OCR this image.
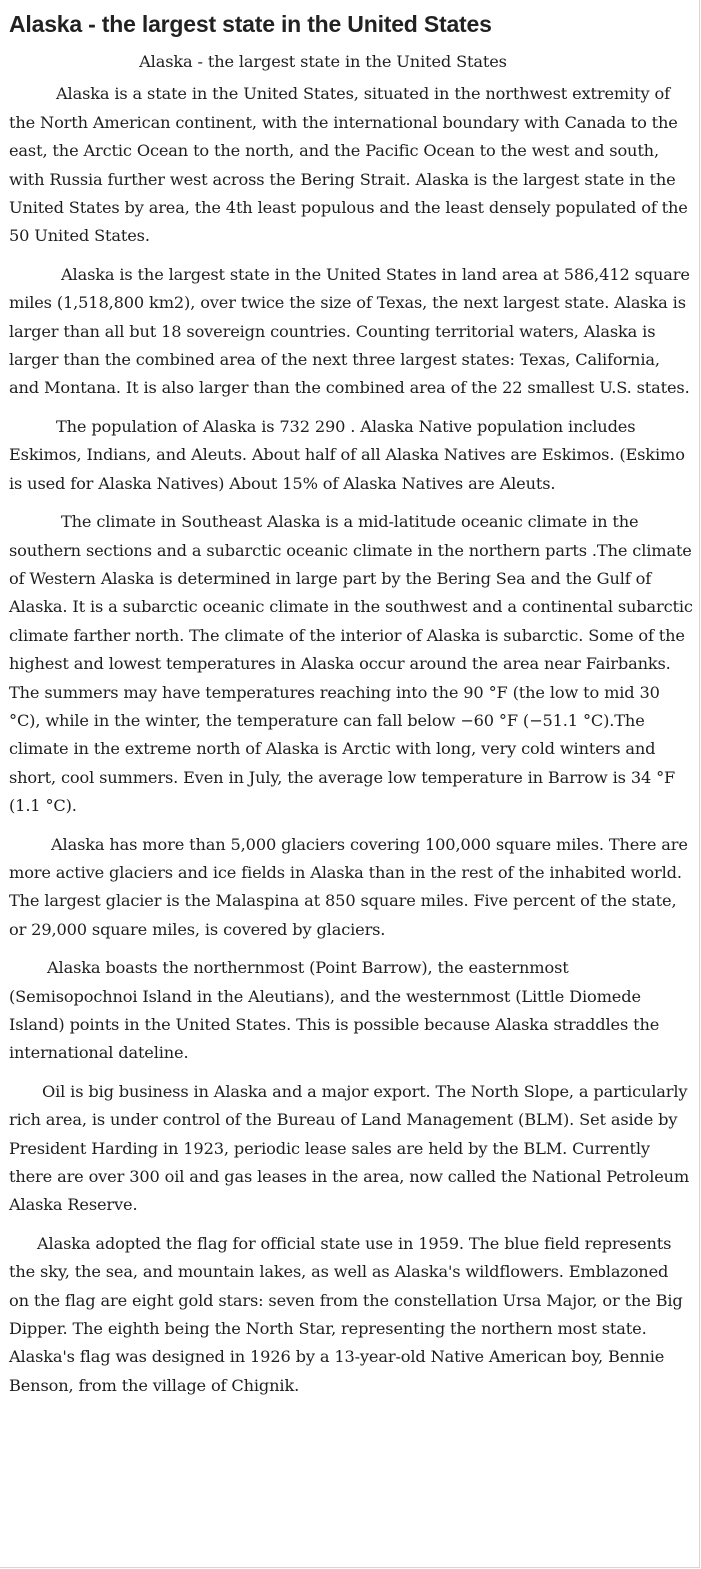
Alaska - the largest state in the United States
Alaska - the largest state in the United States

Alaska is a state in the United States, situated in the northwest extremity of the North American continent, with the international boundary with Canada to the east, the Arctic Ocean to the north, and the Pacific Ocean to the west and south, with Russia further west across the Bering Strait. Alaska is the largest state in the United States by area, the 4th least populous and the least densely populated of the 50 United States.

Alaska is the largest state in the United States in land area at 586,412 square miles (1,518,800 km2), over twice the size of Texas, the next largest state. Alaska is larger than all but 18 sovereign countries. Counting territorial waters, Alaska is larger than the combined area of the next three largest states: Texas, California, and Montana. It is also larger than the combined area of the 22 smallest U.S. states.

The population of Alaska is 732 290 . Alaska Native population includes Eskimos, Indians, and Aleuts. About half of all Alaska Natives are Eskimos. (Eskimo is used for Alaska Natives) About 15% of Alaska Natives are Aleuts.

The climate in Southeast Alaska is a mid-latitude oceanic climate in the southern sections and a subarctic oceanic climate in the northern parts .The climate of Western Alaska is determined in large part by the Bering Sea and the Gulf of Alaska. It is a subarctic oceanic climate in the southwest and a continental subarctic climate farther north. The climate of the interior of Alaska is subarctic. Some of the highest and lowest temperatures in Alaska occur around the area near Fairbanks. The summers may have temperatures reaching into the 90 °F (the low to mid 30 °C), while in the winter, the temperature can fall below −60 °F (−51.1 °C).The climate in the extreme north of Alaska is Arctic with long, very cold winters and short, cool summers. Even in July, the average low temperature in Barrow is 34 °F (1.1 °C).

Alaska has more than 5,000 glaciers covering 100,000 square miles. There are more active glaciers and ice fields in Alaska than in the rest of the inhabited world. The largest glacier is the Malaspina at 850 square miles. Five percent of the state, or 29,000 square miles, is covered by glaciers.

Alaska boasts the northernmost (Point Barrow), the easternmost (Semisopochnoi Island in the Aleutians), and the westernmost (Little Diomede Island) points in the United States. This is possible because Alaska straddles the international dateline.

Oil is big business in Alaska and a major export. The North Slope, a particularly rich area, is under control of the Bureau of Land Management (BLM). Set aside by President Harding in 1923, periodic lease sales are held by the BLM. Currently there are over 300 oil and gas leases in the area, now called the National Petroleum Alaska Reserve.

Alaska adopted the flag for official state use in 1959. The blue field represents the sky, the sea, and mountain lakes, as well as Alaska's wildflowers. Emblazoned on the flag are eight gold stars: seven from the constellation Ursa Major, or the Big Dipper. The eighth being the North Star, representing the northern most state. Alaska's flag was designed in 1926 by a 13-year-old Native American boy, Bennie Benson, from the village of Chignik.
